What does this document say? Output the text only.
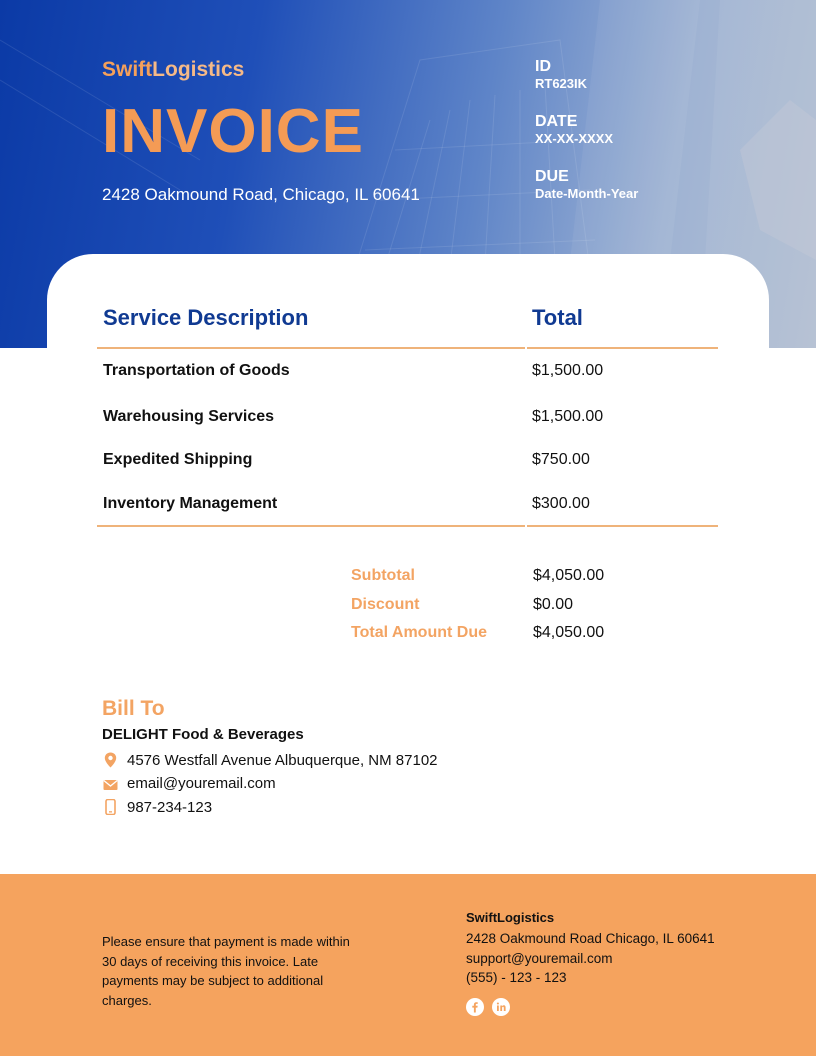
SwiftLogistics
INVOICE
2428 Oakmound Road, Chicago, IL 60641
ID
RT623IK
DATE
XX-XX-XXXX
DUE
Date-Month-Year
Service Description	Total
Transportation of Goods	$1,500.00
Warehousing Services	$1,500.00
Expedited Shipping	$750.00
Inventory Management	$300.00
Subtotal	$4,050.00
Discount	$0.00
Total Amount Due	$4,050.00
Bill To
DELIGHT Food & Beverages
4576 Westfall Avenue Albuquerque, NM 87102
email@youremail.com
987-234-123
Please ensure that payment is made within 30 days of receiving this invoice. Late payments may be subject to additional charges.
SwiftLogistics
2428 Oakmound Road Chicago, IL 60641
support@youremail.com
(555) - 123 - 123
